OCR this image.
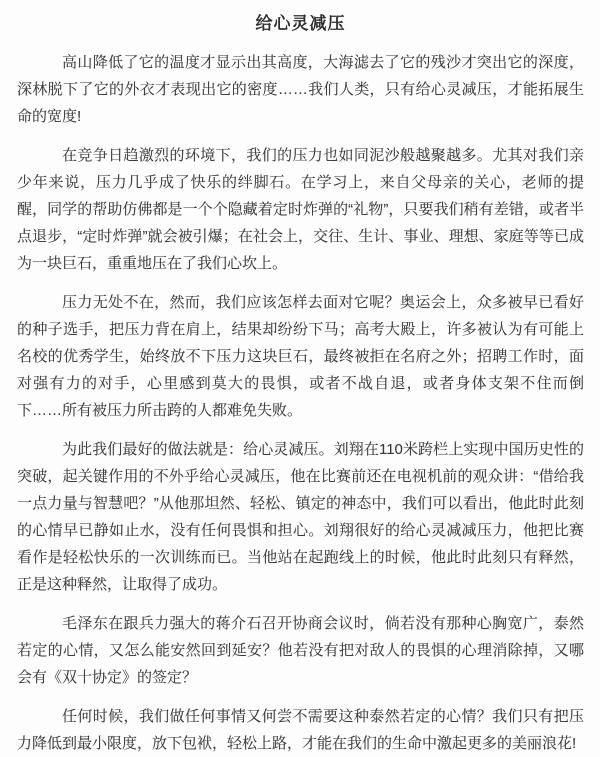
给心灵减压

高山降低了它的温度才显示出其高度，大海滤去了它的残沙才突出它的深度，深林脱下了它的外衣才表现出它的密度……我们人类，只有给心灵减压，才能拓展生命的宽度!

在竞争日趋激烈的环境下，我们的压力也如同泥沙般越聚越多。尤其对我们亲少年来说，压力几乎成了快乐的绊脚石。在学习上，来自父母亲的关心，老师的提醒，同学的帮助仿佛都是一个个隐藏着定时炸弹的“礼物”，只要我们稍有差错，或者半点退步，“定时炸弹”就会被引爆；在社会上，交往、生计、事业、理想、家庭等等已成为一块巨石，重重地压在了我们心坎上。

压力无处不在，然而，我们应该怎样去面对它呢？奥运会上，众多被早已看好的种子选手，把压力背在肩上，结果却纷纷下马；高考大殿上，许多被认为有可能上名校的优秀学生，始终放不下压力这块巨石，最终被拒在名府之外；招聘工作时，面对强有力的对手，心里感到莫大的畏惧，或者不战自退，或者身体支架不住而倒下……所有被压力所击跨的人都难免失败。

为此我们最好的做法就是：给心灵减压。刘翔在110米跨栏上实现中国历史性的突破，起关键作用的不外乎给心灵减压，他在比赛前还在电视机前的观众讲：“借给我一点力量与智慧吧？”从他那坦然、轻松、镇定的神态中，我们可以看出，他此时此刻的心情早已静如止水，没有任何畏惧和担心。刘翔很好的给心灵减减压力，他把比赛看作是轻松快乐的一次训练而已。当他站在起跑线上的时候，他此时此刻只有释然，正是这种释然，让取得了成功。

毛泽东在跟兵力强大的蒋介石召开协商会议时，倘若没有那种心胸宽广，泰然若定的心情，又怎么能安然回到延安？他若没有把对敌人的畏惧的心理消除掉，又哪会有《双十协定》的签定？

任何时候，我们做任何事情又何尝不需要这种泰然若定的心情？我们只有把压力降低到最小限度，放下包袱，轻松上路，才能在我们的生命中激起更多的美丽浪花!
